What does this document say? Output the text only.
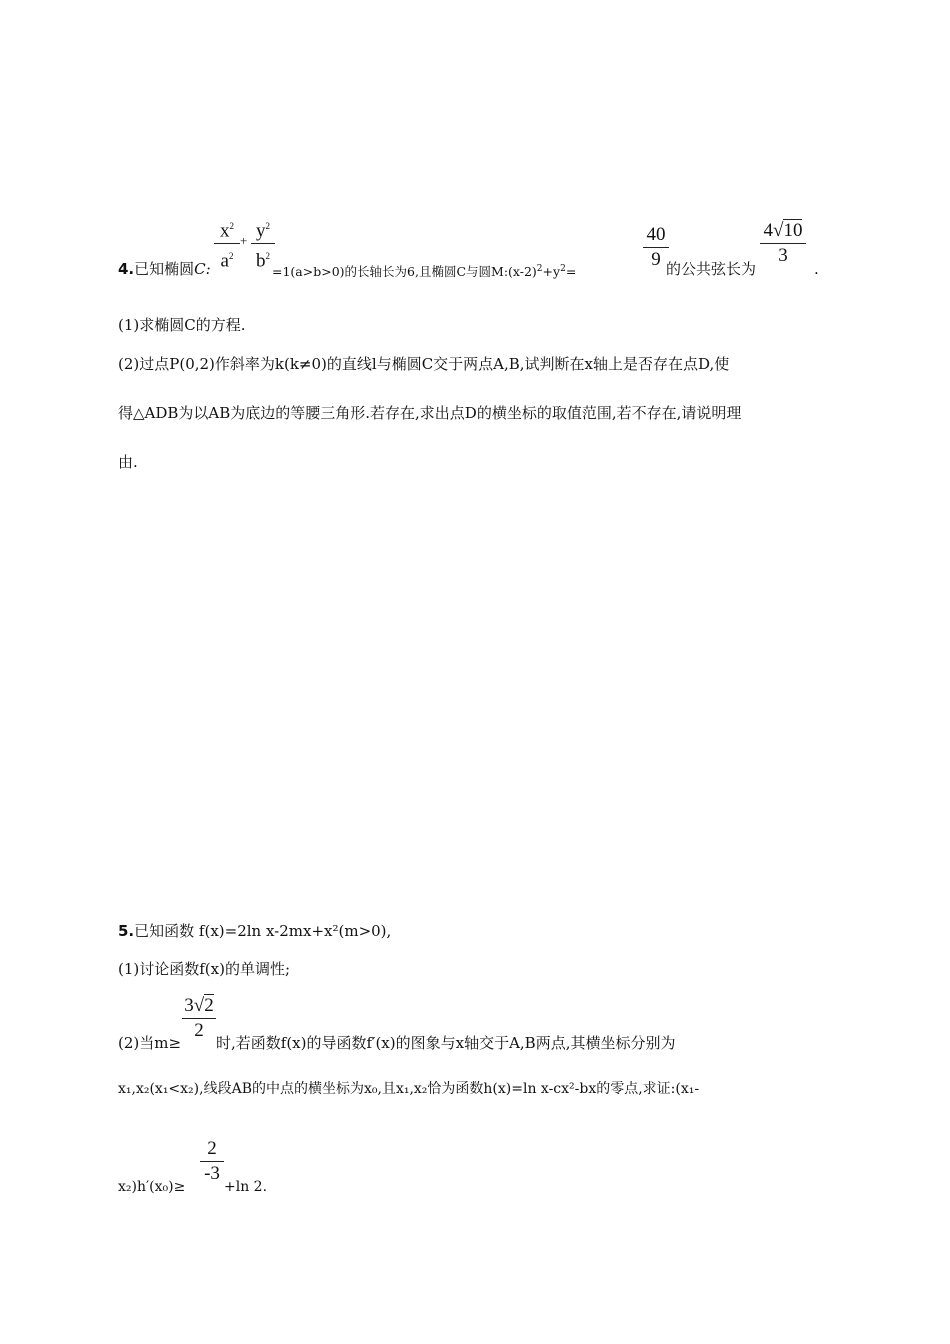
$x^2$
$a^2$
+ $y^2$
$b^2$
4.已知椭圆C:	=1(a>b>0)的长轴长为6,且椭圆C与圆$M:(x-2)^2+y^2=$
40
9 的公共弦长为
4√10
3
.
(1)求椭圆C的方程.
(2)过点P(0,2)作斜率为k(k≠0)的直线l与椭圆C交于两点A,B,试判断在x轴上是否存在点D,使
得△ADB为以AB为底边的等腰三角形.若存在,求出点D的横坐标的取值范围,若不存在,请说明理
由.
5.已知函数 f(x)=2ln x-2mx+x²(m>0),
(1)讨论函数f(x)的单调性;
3√2
2
(2)当m≥ 时,若函数f(x)的导函数f′(x)的图象与x轴交于A,B两点,其横坐标分别为
x₁,x₂(x₁<x₂),线段AB的中点的横坐标为x₀,且x₁,x₂恰为函数h(x)=ln x-cx²-bx的零点,求证:(x₁-
2
-3
x₂)h′(x₀)≥	+ln 2.
